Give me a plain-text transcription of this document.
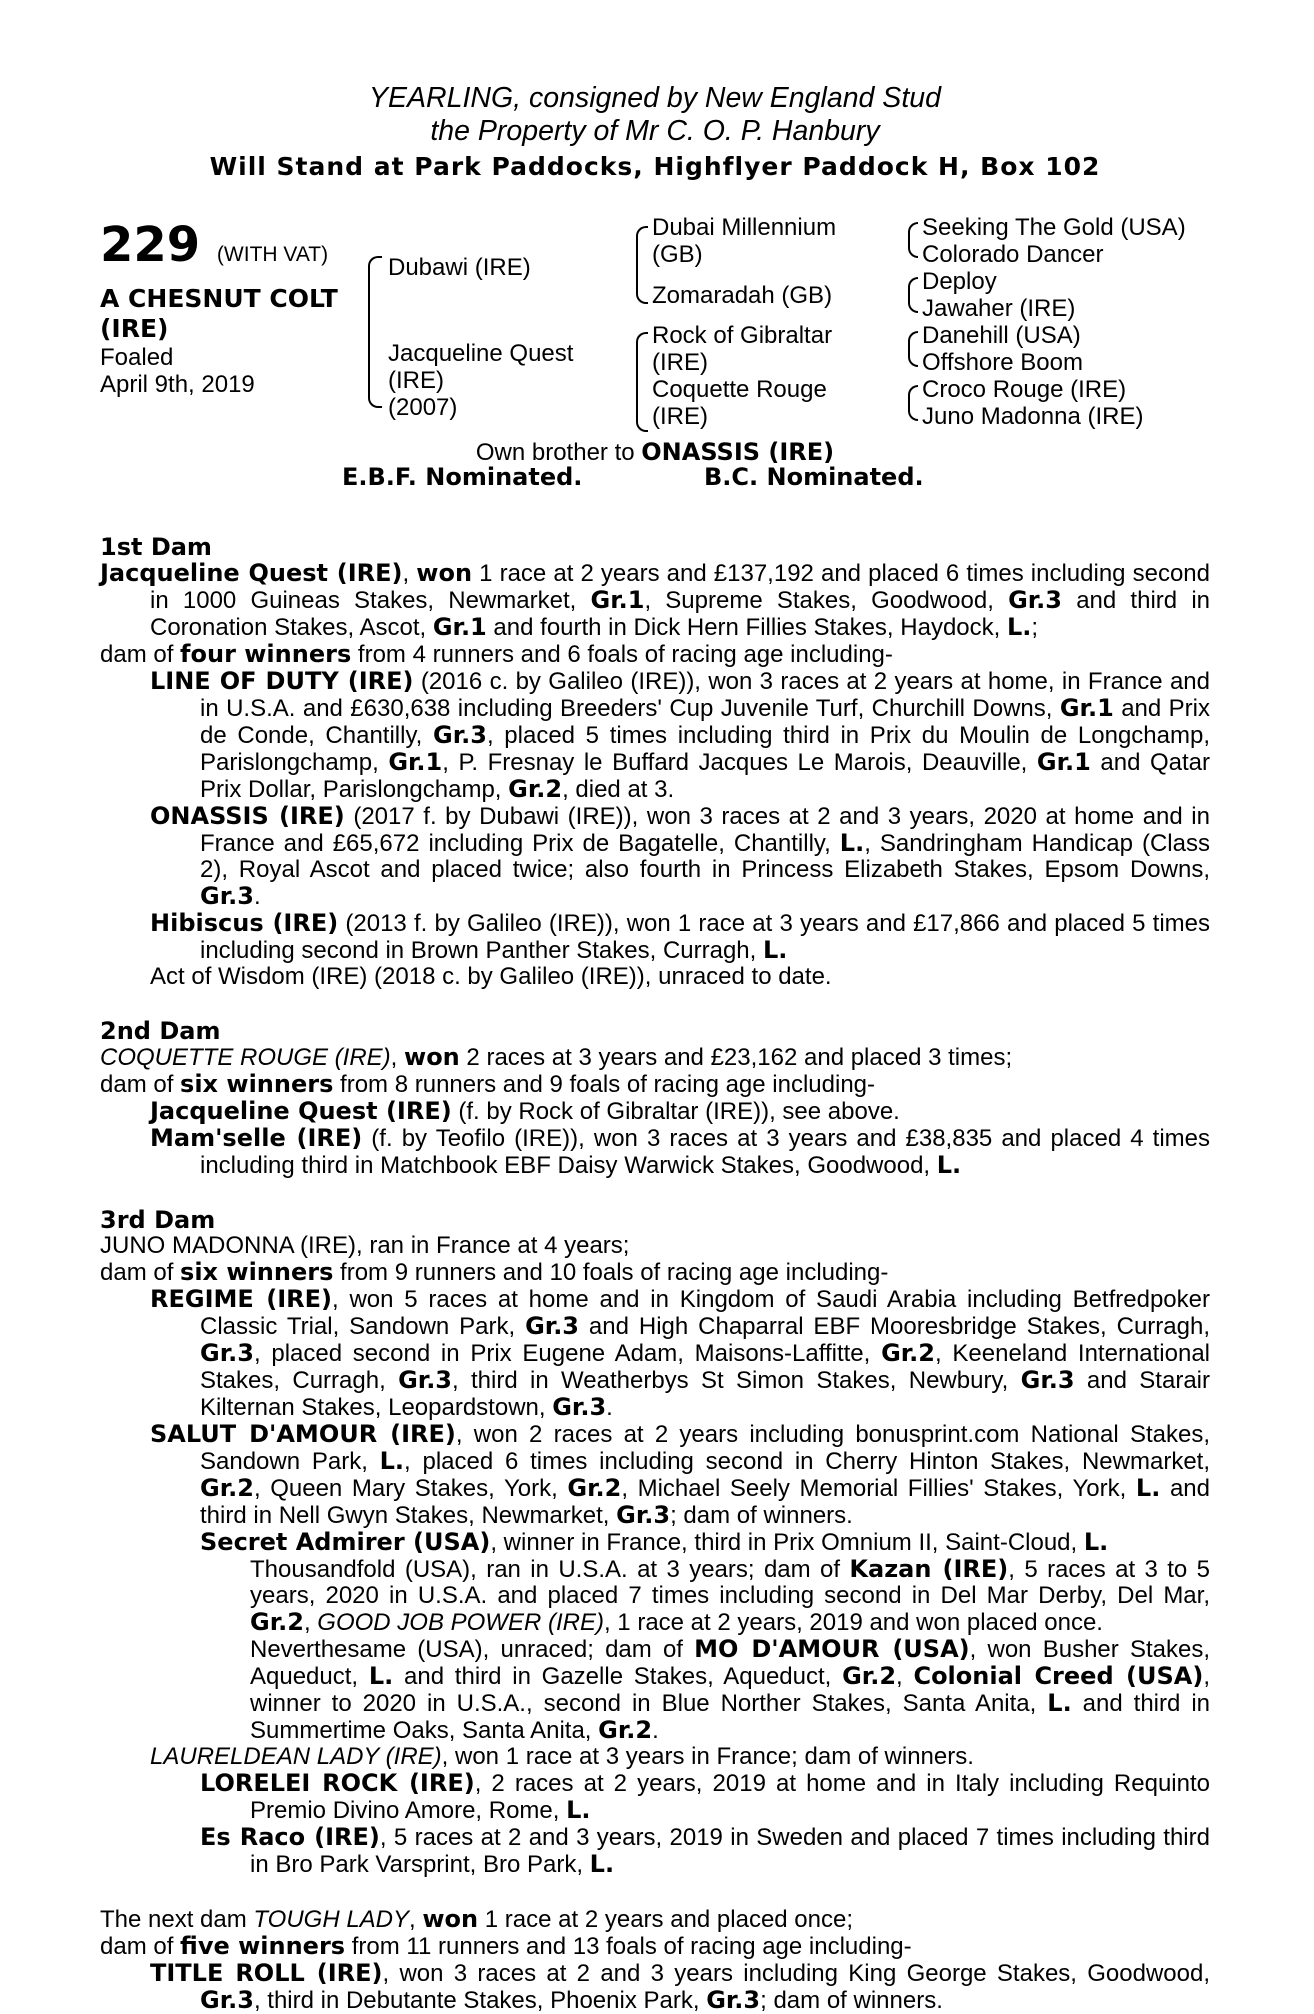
YEARLING, consigned by New England Stud
the Property of Mr C. O. P. Hanbury
Will Stand at Park Paddocks, Highflyer Paddock H, Box 102
229 (WITH VAT)
A CHESNUT COLT
(IRE)
Foaled
April 9th, 2019
Dubawi (IRE)
Jacqueline Quest
(IRE)
(2007)
Dubai Millennium
(GB)
Zomaradah (GB)
Rock of Gibraltar
(IRE)
Coquette Rouge
(IRE)
Seeking The Gold (USA)
Colorado Dancer
Deploy
Jawaher (IRE)
Danehill (USA)
Offshore Boom
Croco Rouge (IRE)
Juno Madonna (IRE)
Own brother to ONASSIS (IRE)
E.B.F. Nominated.	B.C. Nominated.
1st Dam

Jacqueline Quest (IRE), won 1 race at 2 years and £137,192 and placed 6 times including second in 1000 Guineas Stakes, Newmarket, Gr.1, Supreme Stakes, Goodwood, Gr.3 and third in Coronation Stakes, Ascot, Gr.1 and fourth in Dick Hern Fillies Stakes, Haydock, L.;

dam of four winners from 4 runners and 6 foals of racing age including-

LINE OF DUTY (IRE) (2016 c. by Galileo (IRE)), won 3 races at 2 years at home, in France and in U.S.A. and £630,638 including Breeders' Cup Juvenile Turf, Churchill Downs, Gr.1 and Prix de Conde, Chantilly, Gr.3, placed 5 times including third in Prix du Moulin de Longchamp, Parislongchamp, Gr.1, P. Fresnay le Buffard Jacques Le Marois, Deauville, Gr.1 and Qatar Prix Dollar, Parislongchamp, Gr.2, died at 3.

ONASSIS (IRE) (2017 f. by Dubawi (IRE)), won 3 races at 2 and 3 years, 2020 at home and in France and £65,672 including Prix de Bagatelle, Chantilly, L., Sandringham Handicap (Class 2), Royal Ascot and placed twice; also fourth in Princess Elizabeth Stakes, Epsom Downs, Gr.3.

Hibiscus (IRE) (2013 f. by Galileo (IRE)), won 1 race at 3 years and £17,866 and placed 5 times including second in Brown Panther Stakes, Curragh, L.

Act of Wisdom (IRE) (2018 c. by Galileo (IRE)), unraced to date.

2nd Dam

COQUETTE ROUGE (IRE), won 2 races at 3 years and £23,162 and placed 3 times;

dam of six winners from 8 runners and 9 foals of racing age including-

Jacqueline Quest (IRE) (f. by Rock of Gibraltar (IRE)), see above.

Mam'selle (IRE) (f. by Teofilo (IRE)), won 3 races at 3 years and £38,835 and placed 4 times including third in Matchbook EBF Daisy Warwick Stakes, Goodwood, L.

3rd Dam

JUNO MADONNA (IRE), ran in France at 4 years;

dam of six winners from 9 runners and 10 foals of racing age including-

REGIME (IRE), won 5 races at home and in Kingdom of Saudi Arabia including Betfredpoker Classic Trial, Sandown Park, Gr.3 and High Chaparral EBF Mooresbridge Stakes, Curragh, Gr.3, placed second in Prix Eugene Adam, Maisons-Laffitte, Gr.2, Keeneland International Stakes, Curragh, Gr.3, third in Weatherbys St Simon Stakes, Newbury, Gr.3 and Starair Kilternan Stakes, Leopardstown, Gr.3.

SALUT D'AMOUR (IRE), won 2 races at 2 years including bonusprint.com National Stakes, Sandown Park, L., placed 6 times including second in Cherry Hinton Stakes, Newmarket, Gr.2, Queen Mary Stakes, York, Gr.2, Michael Seely Memorial Fillies' Stakes, York, L. and third in Nell Gwyn Stakes, Newmarket, Gr.3; dam of winners.

Secret Admirer (USA), winner in France, third in Prix Omnium II, Saint-Cloud, L.

Thousandfold (USA), ran in U.S.A. at 3 years; dam of Kazan (IRE), 5 races at 3 to 5 years, 2020 in U.S.A. and placed 7 times including second in Del Mar Derby, Del Mar, Gr.2, GOOD JOB POWER (IRE), 1 race at 2 years, 2019 and won placed once.

Neverthesame (USA), unraced; dam of MO D'AMOUR (USA), won Busher Stakes, Aqueduct, L. and third in Gazelle Stakes, Aqueduct, Gr.2, Colonial Creed (USA), winner to 2020 in U.S.A., second in Blue Norther Stakes, Santa Anita, L. and third in Summertime Oaks, Santa Anita, Gr.2.

LAURELDEAN LADY (IRE), won 1 race at 3 years in France; dam of winners.

LORELEI ROCK (IRE), 2 races at 2 years, 2019 at home and in Italy including Requinto Premio Divino Amore, Rome, L.

Es Raco (IRE), 5 races at 2 and 3 years, 2019 in Sweden and placed 7 times including third in Bro Park Varsprint, Bro Park, L.

The next dam TOUGH LADY, won 1 race at 2 years and placed once;

dam of five winners from 11 runners and 13 foals of racing age including-

TITLE ROLL (IRE), won 3 races at 2 and 3 years including King George Stakes, Goodwood, Gr.3, third in Debutante Stakes, Phoenix Park, Gr.3; dam of winners.
